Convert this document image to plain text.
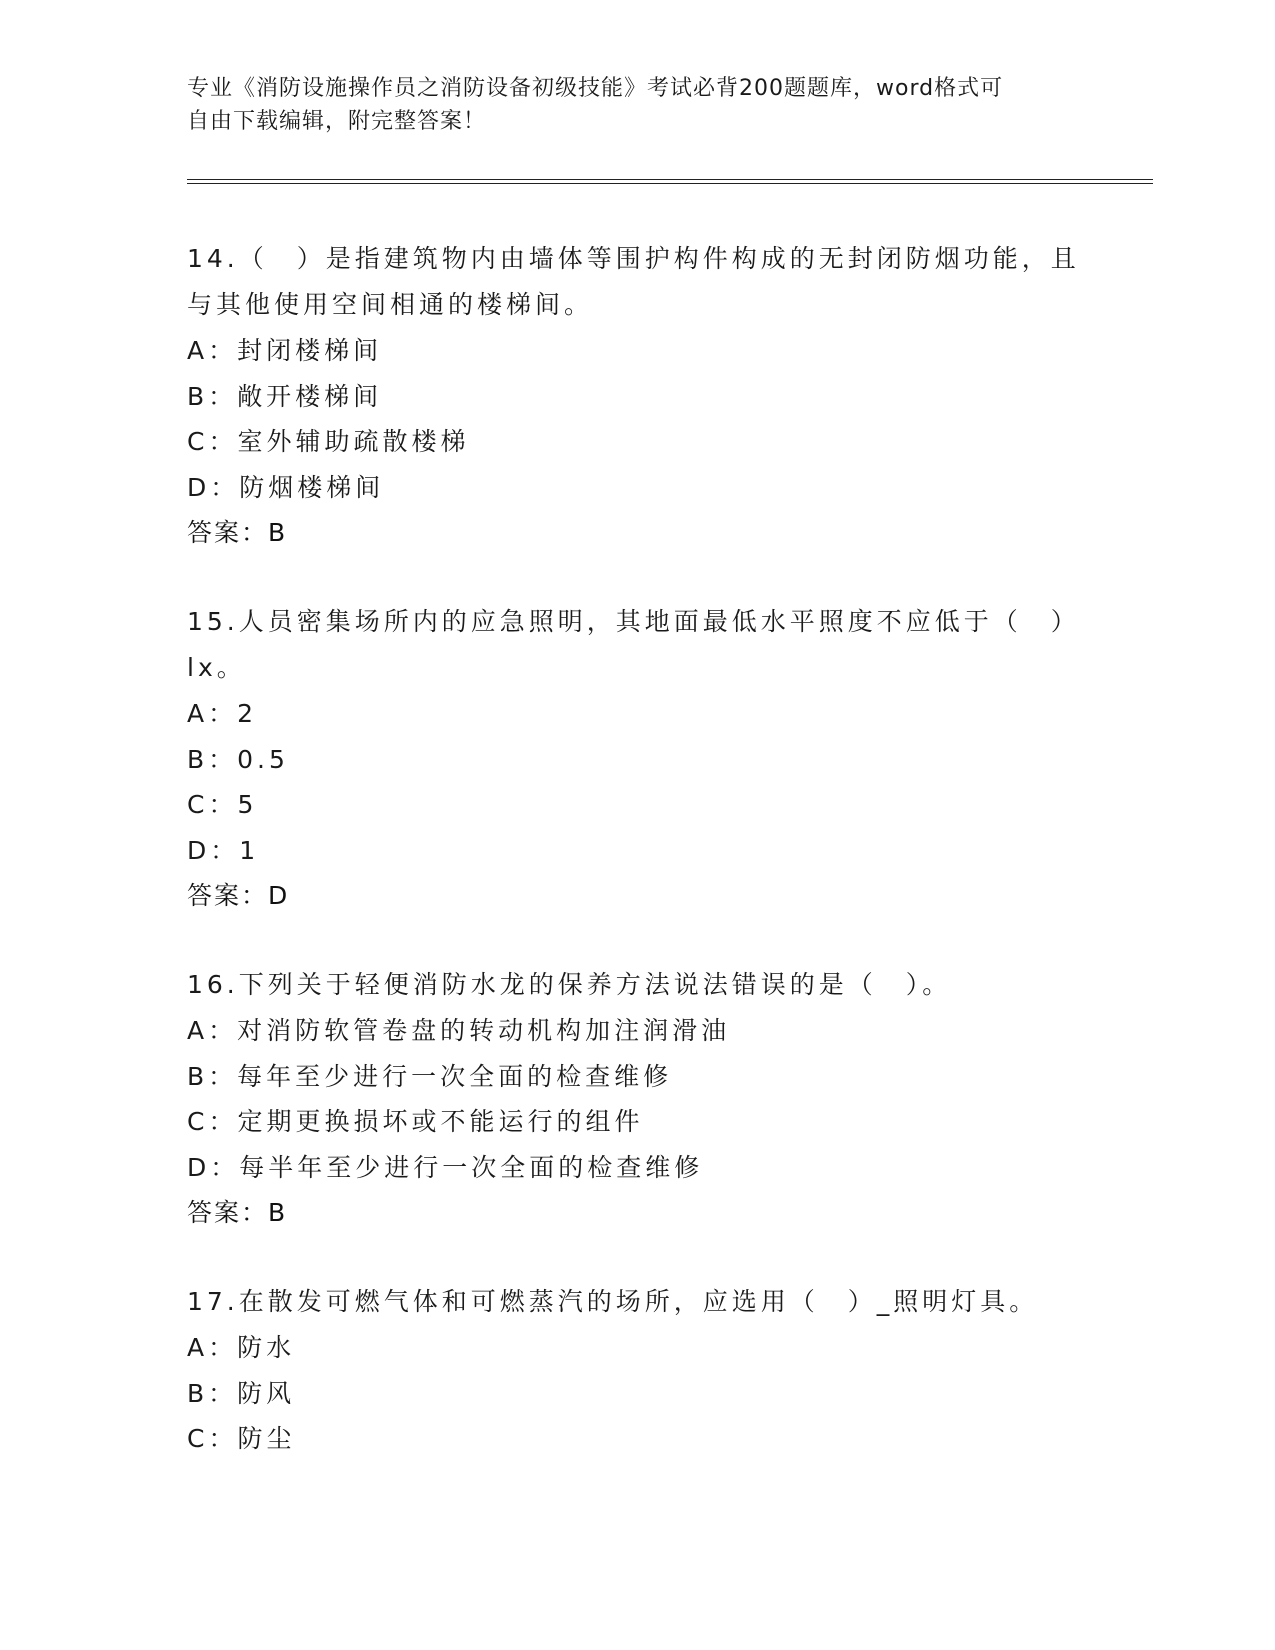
专业《消防设施操作员之消防设备初级技能》考试必背200题题库，word格式可

自由下载编辑，附完整答案！

14.（　）是指建筑物内由墙体等围护构件构成的无封闭防烟功能，且

与其他使用空间相通的楼梯间。

A：封闭楼梯间

B：敞开楼梯间

C：室外辅助疏散楼梯

D：防烟楼梯间

答案：B

15.人员密集场所内的应急照明，其地面最低水平照度不应低于（　）

lx。

A：2

B：0.5

C：5

D：1

答案：D

16.下列关于轻便消防水龙的保养方法说法错误的是（　）。

A：对消防软管卷盘的转动机构加注润滑油

B：每年至少进行一次全面的检查维修

C：定期更换损坏或不能运行的组件

D：每半年至少进行一次全面的检查维修

答案：B

17.在散发可燃气体和可燃蒸汽的场所，应选用（　）_照明灯具。

A：防水

B：防风

C：防尘
